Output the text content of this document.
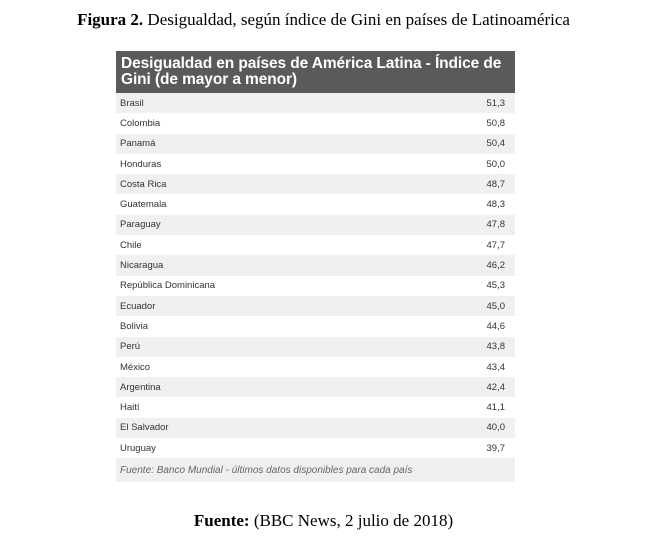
Figura 2. Desigualdad, según índice de Gini en países de Latinoamérica
Desigualdad en países de América Latina - Índice de Gini (de mayor a menor)
Brasil	51,3
Colombia	50,8
Panamá	50,4
Honduras	50,0
Costa Rica	48,7
Guatemala	48,3
Paraguay	47,8
Chile	47,7
Nicaragua	46,2
República Dominicana	45,3
Ecuador	45,0
Bolivia	44,6
Perú	43,8
México	43,4
Argentina	42,4
Haití	41,1
El Salvador	40,0
Uruguay	39,7
Fuente: Banco Mundial - últimos datos disponibles para cada país
Fuente: (BBC News, 2 julio de 2018)
